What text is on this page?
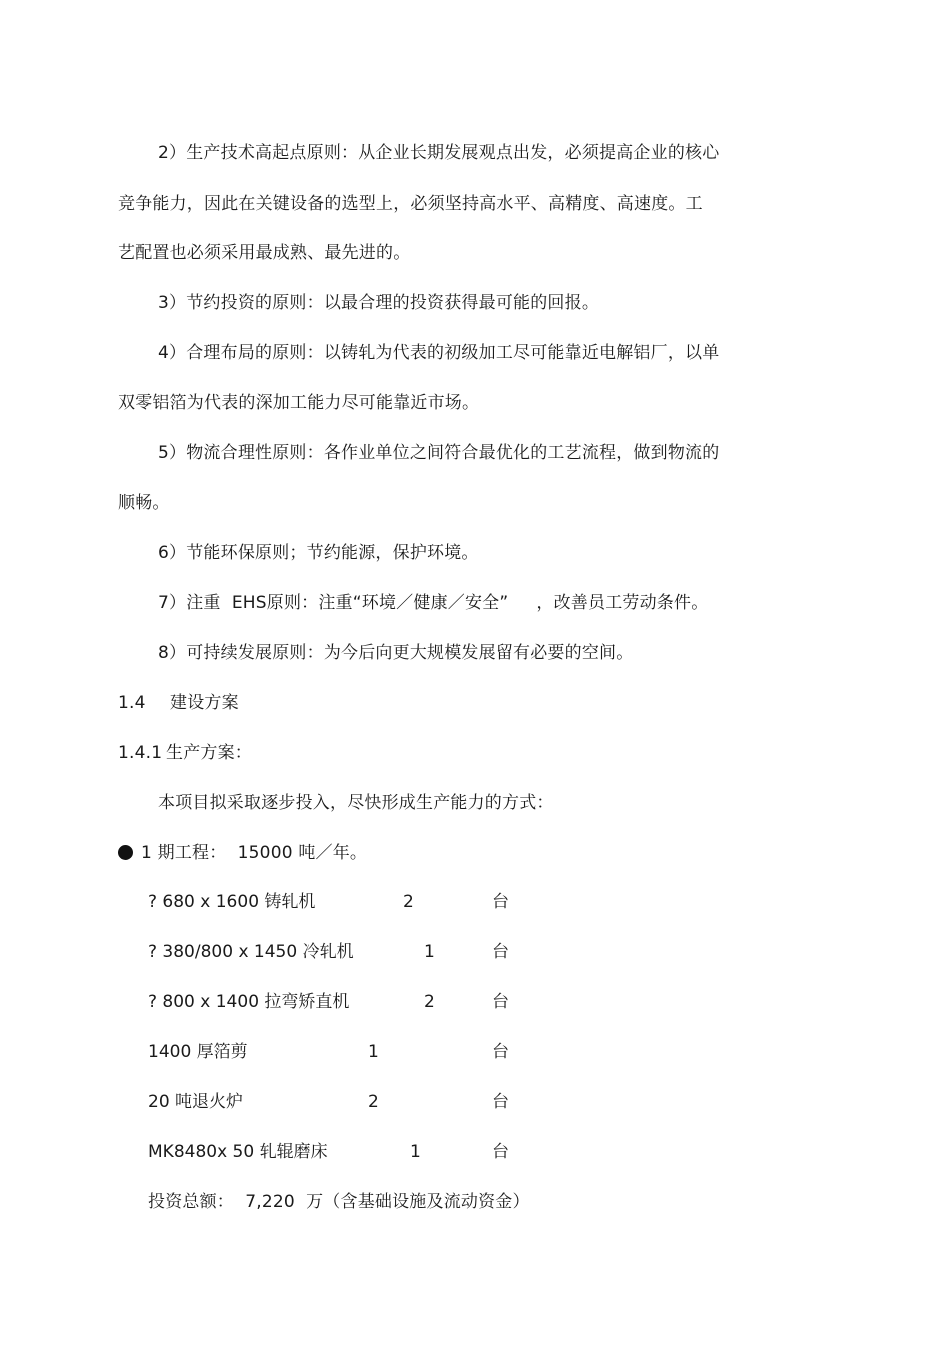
2）生产技术高起点原则：从企业长期发展观点出发，必须提高企业的核心
竞争能力，因此在关键设备的选型上，必须坚持高水平、高精度、高速度。工
艺配置也必须采用最成熟、最先进的。
3）节约投资的原则：以最合理的投资获得最可能的回报。
4）合理布局的原则：以铸轧为代表的初级加工尽可能靠近电解铝厂，以单
双零铝箔为代表的深加工能力尽可能靠近市场。
5）物流合理性原则：各作业单位之间符合最优化的工艺流程，做到物流的
顺畅。
6）节能环保原则；节约能源，保护环境。
7）注重 EHS原则：注重“环境／健康／安全” ，改善员工劳动条件。
8）可持续发展原则：为今后向更大规模发展留有必要的空间。
1.4 建设方案
1.4.1 生产方案：
本项目拟采取逐步投入，尽快形成生产能力的方式：
1 期工程： 15000 吨／年。
? 680 x 1600 铸轧机	2	台
? 380/800 x 1450 冷轧机	1	台
? 800 x 1400 拉弯矫直机	2	台
1400 厚箔剪	1	台
20 吨退火炉	2	台
MK8480x 50 轧辊磨床	1	台
投资总额： 7,220 万（含基础设施及流动资金）
